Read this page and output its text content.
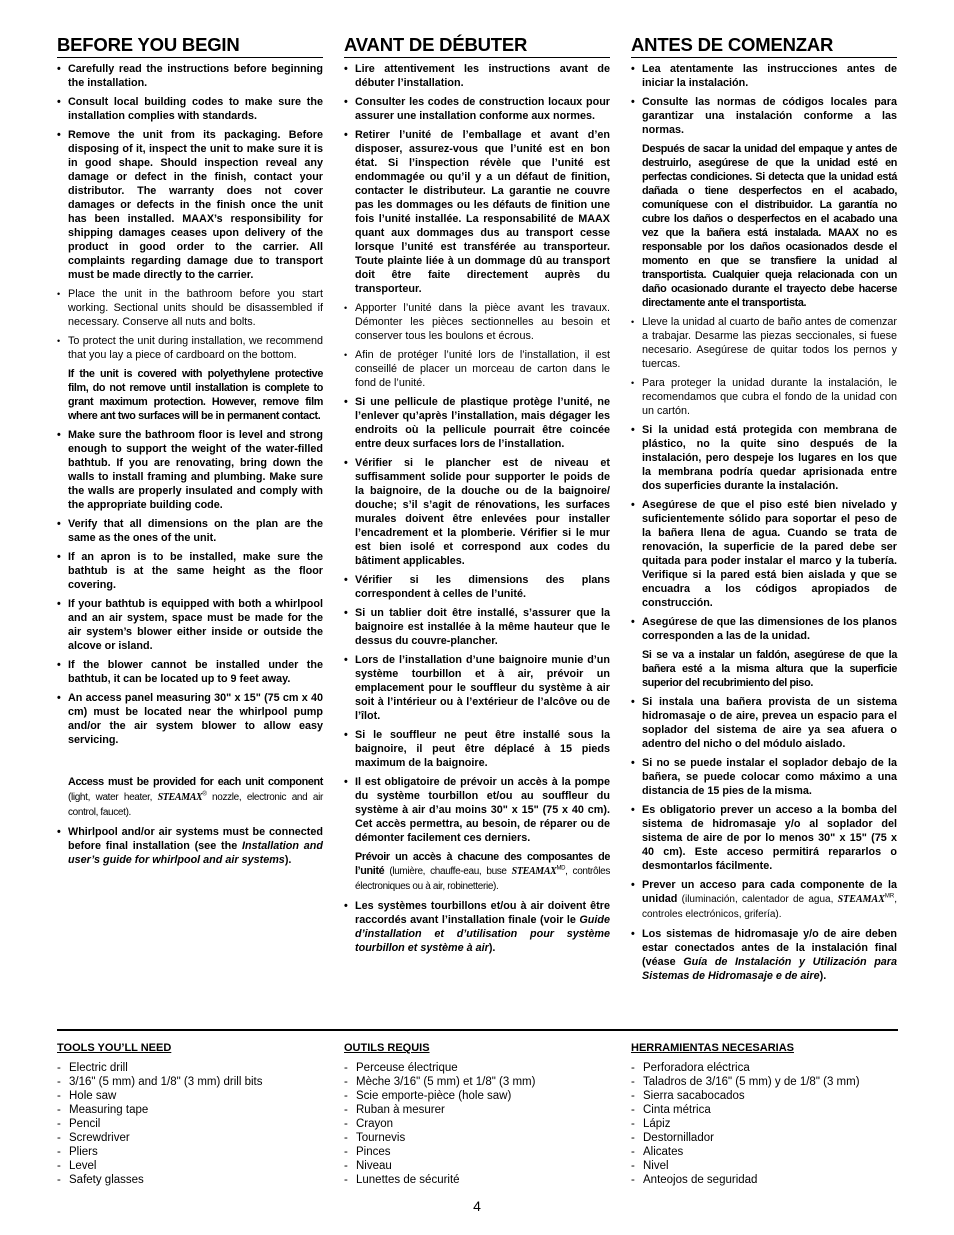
BEFORE YOU BEGIN
• Carefully read the instructions before beginning the installation.
• Consult local building codes to make sure the installation complies with standards.
• Remove the unit from its packaging. Before disposing of it, inspect the unit to make sure it is in good shape. Should inspection reveal any damage or defect in the finish, contact your distributor. The warranty does not cover damages or defects in the finish once the unit has been installed. MAAX’s responsibility for shipping damages ceases upon delivery of the product in good order to the carrier. All complaints regarding damage due to transport must be made directly to the carrier.
• Place the unit in the bathroom before you start working. Sectional units should be disassembled if necessary. Conserve all nuts and bolts.
• To protect the unit during installation, we recommend that you lay a piece of cardboard on the bottom.
If the unit is covered with polyethylene protective film, do not remove until installation is complete to grant maximum protection. However, remove film where ant two surfaces will be in permanent contact.
• Make sure the bathroom floor is level and strong enough to support the weight of the water-filled bathtub. If you are renovating, bring down the walls to install framing and plumbing. Make sure the walls are properly insulated and comply with the appropriate building code.
• Verify that all dimensions on the plan are the same as the ones of the unit.
• If an apron is to be installed, make sure the bathtub is at the same height as the floor covering.
• If your bathtub is equipped with both a whirlpool and an air system, space must be made for the air system’s blower either inside or outside the alcove or island.
• If the blower cannot be installed under the bathtub, it can be located up to 9 feet away.
• An access panel measuring 30" x 15" (75 cm x 40 cm) must be located near the whirlpool pump and/or the air system blower to allow easy servicing.
Access must be provided for each unit component (light, water heater, STEAMAX® nozzle, electronic and air control, faucet).
• Whirlpool and/or air systems must be connected before final installation (see the Installation and user’s guide for whirlpool and air systems).
AVANT DE DÉBUTER
• Lire attentivement les instructions avant de débuter l’installation.
• Consulter les codes de construction locaux pour assurer une installation conforme aux normes.
• Retirer l’unité de l’emballage et avant d’en disposer, assurez-vous que l’unité est en bon état. Si l’inspection révèle que l’unité est endommagée ou qu’il y a un défaut de finition, contacter le distributeur. La garantie ne couvre pas les dommages ou les défauts de finition une fois l’unité installée. La responsabilité de MAAX quant aux dommages dus au transport cesse lorsque l’unité est transférée au transporteur. Toute plainte liée à un dommage dû au transport doit être faite directement auprès du transporteur.
• Apporter l’unité dans la pièce avant les travaux. Démonter les pièces sectionnelles au besoin et conserver tous les boulons et écrous.
• Afin de protéger l’unité lors de l’installation, il est conseillé de placer un morceau de carton dans le fond de l’unité.
• Si une pellicule de plastique protège l’unité, ne l’enlever qu’après l’installation, mais dégager les endroits où la pellicule pourrait être coincée entre deux surfaces lors de l’installation.
• Vérifier si le plancher est de niveau et suffisamment solide pour supporter le poids de la baignoire, de la douche ou de la baignoire/ douche; s’il s’agit de rénovations, les surfaces murales doivent être enlevées pour installer l’encadrement et la plomberie. Vérifier si le mur est bien isolé et correspond aux codes du bâtiment applicables.
• Vérifier si les dimensions des plans correspondent à celles de l’unité.
• Si un tablier doit être installé, s’assurer que la baignoire est installée à la même hauteur que le dessus du couvre-plancher.
• Lors de l’installation d’une baignoire munie d’un système tourbillon et à air, prévoir un emplacement pour le souffleur du système à air soit à l’intérieur ou à l’extérieur de l’alcôve ou de l’îlot.
• Si le souffleur ne peut être installé sous la baignoire, il peut être déplacé à 15 pieds maximum de la baignoire.
• Il est obligatoire de prévoir un accès à la pompe du système tourbillon et/ou au souffleur du système à air d’au moins 30" x 15" (75 x 40 cm). Cet accès permettra, au besoin, de réparer ou de démonter facilement ces derniers.
Prévoir un accès à chacune des composantes de l’unité (lumière, chauffe-eau, buse $STEAMAX^{MD}$, contrôles électroniques ou à air, robinetterie).
• Les systèmes tourbillons et/ou à air doivent être raccordés avant l’installation finale (voir le Guide d’installation et d’utilisation pour système tourbillon et système à air).
ANTES DE COMENZAR
• Lea atentamente las instrucciones antes de iniciar la instalación.
• Consulte las normas de códigos locales para garantizar una instalación conforme a las normas.
Después de sacar la unidad del empaque y antes de destruirlo, asegúrese de que la unidad esté en perfectas condiciones. Si detecta que la unidad está dañada o tiene desperfectos en el acabado, comuníquese con el distribuidor. La garantía no cubre los daños o desperfectos en el acabado una vez que la bañera está instalada. MAAX no es responsable por los daños ocasionados desde el momento en que se transfiere la unidad al transportista. Cualquier queja relacionada con un daño ocasionado durante el trayecto debe hacerse directamente ante el transportista.
• Lleve la unidad al cuarto de baño antes de comenzar a trabajar. Desarme las piezas seccionales, si fuese necesario. Asegúrese de quitar todos los pernos y tuercas.
• Para proteger la unidad durante la instalación, le recomendamos que cubra el fondo de la unidad con un cartón.
• Si la unidad está protegida con membrana de plástico, no la quite sino después de la instalación, pero despeje los lugares en los que la membrana podría quedar aprisionada entre dos superficies durante la instalación.
• Asegúrese de que el piso esté bien nivelado y suficientemente sólido para soportar el peso de la bañera llena de agua. Cuando se trata de renovación, la superficie de la pared debe ser quitada para poder instalar el marco y la tubería. Verifique si la pared está bien aislada y que se encuadra a los códigos apropiados de construcción.
• Asegúrese de que las dimensiones de los planos corresponden a las de la unidad.
Si se va a instalar un faldón, asegúrese de que la bañera esté a la misma altura que la superficie superior del recubrimiento del piso.
• Si instala una bañera provista de un sistema hidromasaje o de aire, prevea un espacio para el soplador del sistema de aire ya sea afuera o adentro del nicho o del módulo aislado.
• Si no se puede instalar el soplador debajo de la bañera, se puede colocar como máximo a una distancia de 15 pies de la misma.
• Es obligatorio prever un acceso a la bomba del sistema de hidromasaje y/o al soplador del sistema de aire de por lo menos 30" x 15" (75 x 40 cm). Este acceso permitirá repararlos o desmontarlos fácilmente.
• Prever un acceso para cada componente de la unidad (iluminación, calentador de agua, $STEAMAX^{MR}$, controles electrónicos, grifería).
• Los sistemas de hidromasaje y/o de aire deben estar conectados antes de la instalación final (véase Guía de Instalación y Utilización para Sistemas de Hidromasaje e de aire).
TOOLS YOU’LL NEED
- Electric drill
- 3/16" (5 mm) and 1/8" (3 mm) drill bits
- Hole saw
- Measuring tape
- Pencil
- Screwdriver
- Pliers
- Level
- Safety glasses
OUTILS REQUIS
- Perceuse électrique
- Mèche 3/16" (5 mm) et 1/8" (3 mm)
- Scie emporte-pièce (hole saw)
- Ruban à mesurer
- Crayon
- Tournevis
- Pinces
- Niveau
- Lunettes de sécurité
HERRAMIENTAS NECESARIAS
- Perforadora eléctrica
- Taladros de 3/16" (5 mm) y de 1/8" (3 mm)
- Sierra sacabocados
- Cinta métrica
- Lápiz
- Destornillador
- Alicates
- Nivel
- Anteojos de seguridad
4
